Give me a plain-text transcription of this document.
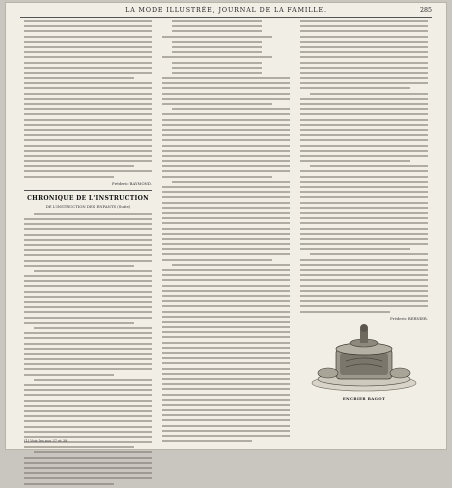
LA MODE ILLUSTRÉE, JOURNAL DE LA FAMILLE.	285
Fréderic BAYMOND.
CHRONIQUE DE L'INSTRUCTION
DE L'INSTRUCTION DES ENFANTS (Suite)
Fréderic BERNIER.
ENCRIER RAGOT
(1) Voir les nos 37 et 38
